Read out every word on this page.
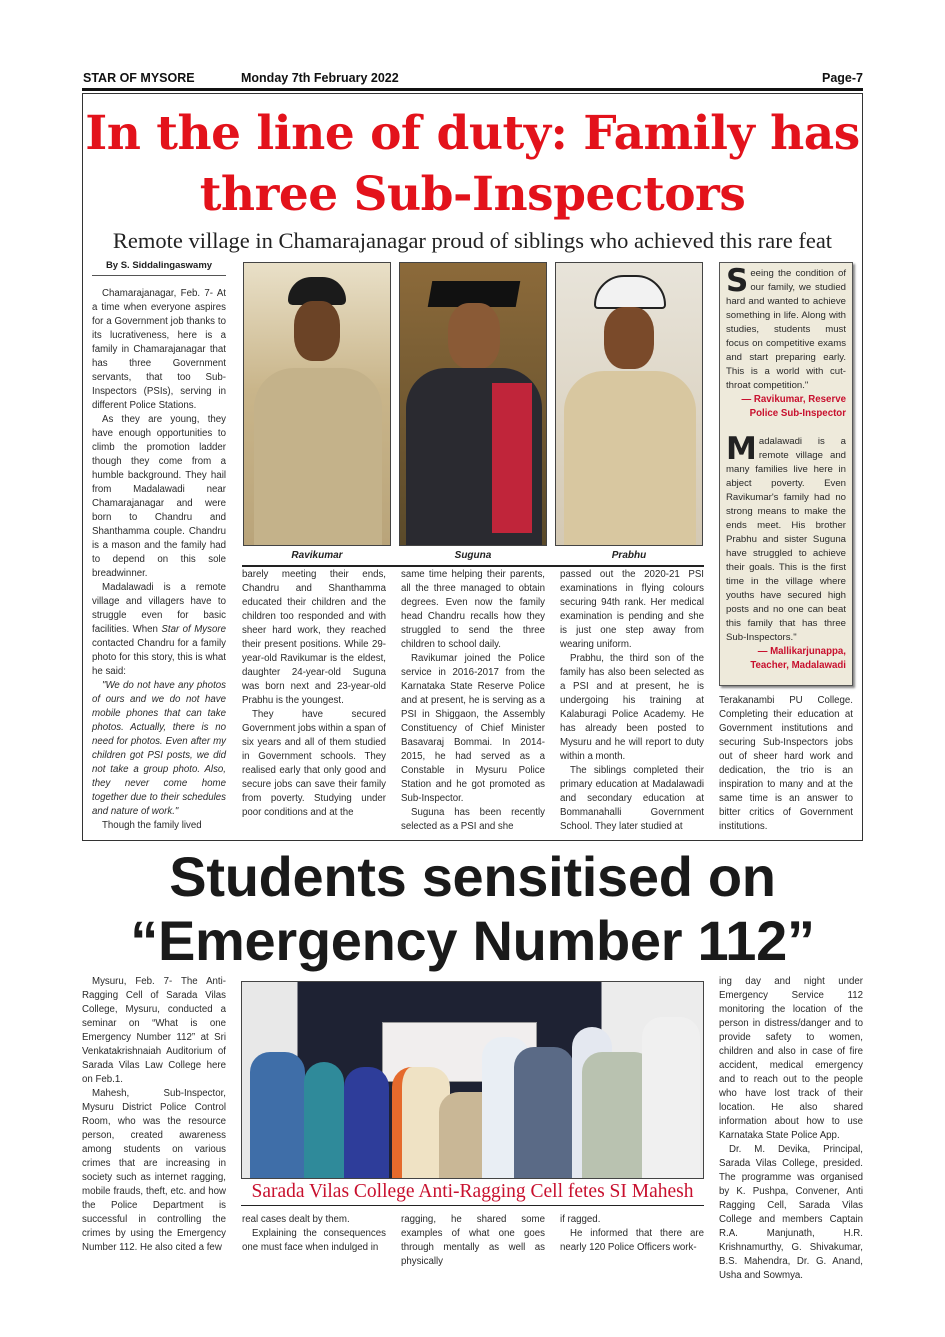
STAR OF MYSORE	Monday 7th February 2022	Page-7
In the line of duty: Family has
three Sub-Inspectors
Remote village in Chamarajanagar proud of siblings who achieved this rare feat
By S. Siddalingaswamy

Chamarajanagar, Feb. 7- At a time when everyone aspires for a Government job thanks to its lucrativeness, here is a family in Chamarajanagar that has three Government servants, that too Sub-Inspectors (PSIs), serving in different Police Stations.

As they are young, they have enough opportunities to climb the promotion ladder though they come from a humble background. They hail from Madalawadi near Chamarajanagar and were born to Chandru and Shanthamma couple. Chandru is a mason and the family had to depend on this sole breadwinner.

Madalawadi is a remote village and villagers have to struggle even for basic facilities. When Star of Mysore contacted Chandru for a family photo for this story, this is what he said:

"We do not have any photos of ours and we do not have mobile phones that can take photos. Actually, there is no need for photos. Even after my children got PSI posts, we did not take a group photo. Also, they never come home together due to their schedules and nature of work."

Though the family lived

Ravikumar	Suguna	Prabhu

barely meeting their ends, Chandru and Shanthamma educated their children and the children too responded and with sheer hard work, they reached their present positions. While 29-year-old Ravikumar is the eldest, daughter 24-year-old Suguna was born next and 23-year-old Prabhu is the youngest.

They have secured Government jobs within a span of six years and all of them studied in Government schools. They realised early that only good and secure jobs can save their family from poverty. Studying under poor conditions and at the

same time helping their parents, all the three managed to obtain degrees. Even now the family head Chandru recalls how they struggled to send the three children to school daily.

Ravikumar joined the Police service in 2016-2017 from the Karnataka State Reserve Police and at present, he is serving as a PSI in Shiggaon, the Assembly Constituency of Chief Minister Basavaraj Bommai. In 2014-2015, he had served as a Constable in Mysuru Police Station and he got promoted as Sub-Inspector.

Suguna has been recently selected as a PSI and she

passed out the 2020-21 PSI examinations in flying colours securing 94th rank. Her medical examination is pending and she is just one step away from wearing uniform.

Prabhu, the third son of the family has also been selected as a PSI and at present, he is undergoing his training at Kalaburagi Police Academy. He has already been posted to Mysuru and he will report to duty within a month.

The siblings completed their primary education at Madalawadi and secondary education at Bommanahalli Government School. They later studied at

Seeing the condition of our family, we studied hard and wanted to achieve something in life. Along with studies, students must focus on competitive exams and start preparing early. This is a world with cut-throat competition."
— Ravikumar, Reserve Police Sub-Inspector
Madalawadi is a remote village and many families live here in abject poverty. Even Ravikumar's family had no strong means to make the ends meet. His brother Prabhu and sister Suguna have struggled to achieve their goals. This is the first time in the village where youths have secured high posts and no one can beat this family that has three Sub-Inspectors."
— Mallikarjunappa, Teacher, Madalawadi

Terakanambi PU College. Completing their education at Government institutions and securing Sub-Inspectors jobs out of sheer hard work and dedication, the trio is an inspiration to many and at the same time is an answer to bitter critics of Government institutions.

Students sensitised on
“Emergency Number 112”

Mysuru, Feb. 7- The Anti-Ragging Cell of Sarada Vilas College, Mysuru, conducted a seminar on “What is one Emergency Number 112” at Sri Venkatakrishnaiah Auditorium of Sarada Vilas Law College here on Feb.1.

Mahesh, Sub-Inspector, Mysuru District Police Control Room, who was the resource person, created awareness among students on various crimes that are increasing in society such as internet ragging, mobile frauds, theft, etc. and how the Police Department is successful in controlling the crimes by using the Emergency Number 112. He also cited a few

Sarada Vilas College Anti-Ragging Cell fetes SI Mahesh

real cases dealt by them.

Explaining the consequences one must face when indulged in

ragging, he shared some examples of what one goes through mentally as well as physically

if ragged.

He informed that there are nearly 120 Police Officers work-

ing day and night under Emergency Service 112 monitoring the location of the person in distress/danger and to provide safety to women, children and also in case of fire accident, medical emergency and to reach out to the people who have lost track of their location. He also shared information about how to use Karnataka State Police App.

Dr. M. Devika, Principal, Sarada Vilas College, presided. The programme was organised by K. Pushpa, Convener, Anti Ragging Cell, Sarada Vilas College and members Captain R.A. Manjunath, H.R. Krishnamurthy, G. Shivakumar, B.S. Mahendra, Dr. G. Anand, Usha and Sowmya.
